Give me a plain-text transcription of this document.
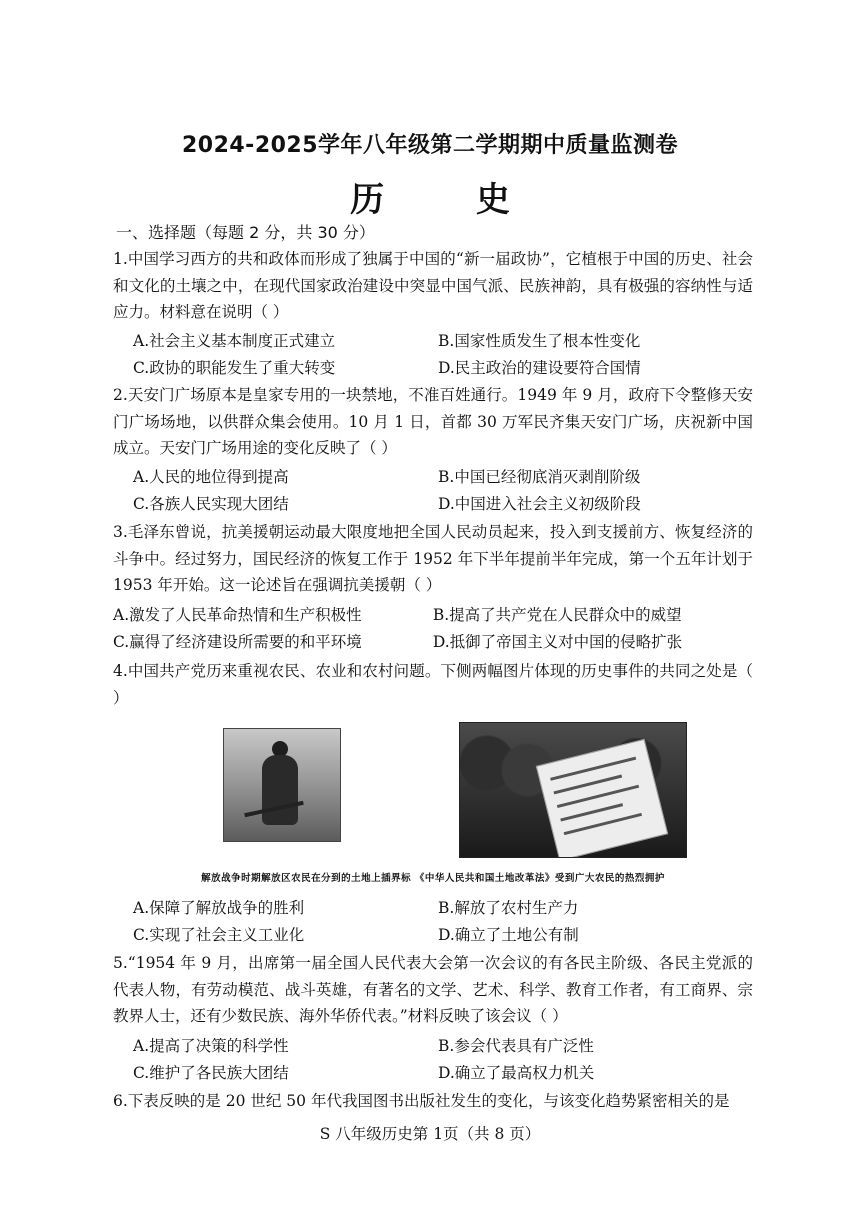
2024-2025学年八年级第二学期期中质量监测卷
历 史
一、选择题（每题 2 分，共 30 分）
1.中国学习西方的共和政体而形成了独属于中国的“新一届政协”，它植根于中国的历史、社会和文化的土壤之中，在现代国家政治建设中突显中国气派、民族神韵，具有极强的容纳性与适应力。材料意在说明（ ）
A.社会主义基本制度正式建立	B.国家性质发生了根本性变化
C.政协的职能发生了重大转变	D.民主政治的建设要符合国情
2.天安门广场原本是皇家专用的一块禁地，不准百姓通行。1949 年 9 月，政府下令整修天安门广场场地，以供群众集会使用。10 月 1 日，首都 30 万军民齐集天安门广场，庆祝新中国成立。天安门广场用途的变化反映了（ ）
A.人民的地位得到提高	B.中国已经彻底消灭剥削阶级
C.各族人民实现大团结	D.中国进入社会主义初级阶段
3.毛泽东曾说，抗美援朝运动最大限度地把全国人民动员起来，投入到支援前方、恢复经济的斗争中。经过努力，国民经济的恢复工作于 1952 年下半年提前半年完成，第一个五年计划于 1953 年开始。这一论述旨在强调抗美援朝（ ）
A.激发了人民革命热情和生产积极性	B.提高了共产党在人民群众中的威望
C.赢得了经济建设所需要的和平环境	D.抵御了帝国主义对中国的侵略扩张
4.中国共产党历来重视农民、农业和农村问题。下侧两幅图片体现的历史事件的共同之处是（ ）
解放战争时期解放区农民在分到的土地上插界标 《中华人民共和国土地改革法》受到广大农民的热烈拥护
A.保障了解放战争的胜利	B.解放了农村生产力
C.实现了社会主义工业化	D.确立了土地公有制
5.“1954 年 9 月，出席第一届全国人民代表大会第一次会议的有各民主阶级、各民主党派的代表人物，有劳动模范、战斗英雄，有著名的文学、艺术、科学、教育工作者，有工商界、宗教界人士，还有少数民族、海外华侨代表。”材料反映了该会议（ ）
A.提高了决策的科学性	B.参会代表具有广泛性
C.维护了各民族大团结	D.确立了最高权力机关
6.下表反映的是 20 世纪 50 年代我国图书出版社发生的变化，与该变化趋势紧密相关的是
S 八年级历史第 1页（共 8 页）
